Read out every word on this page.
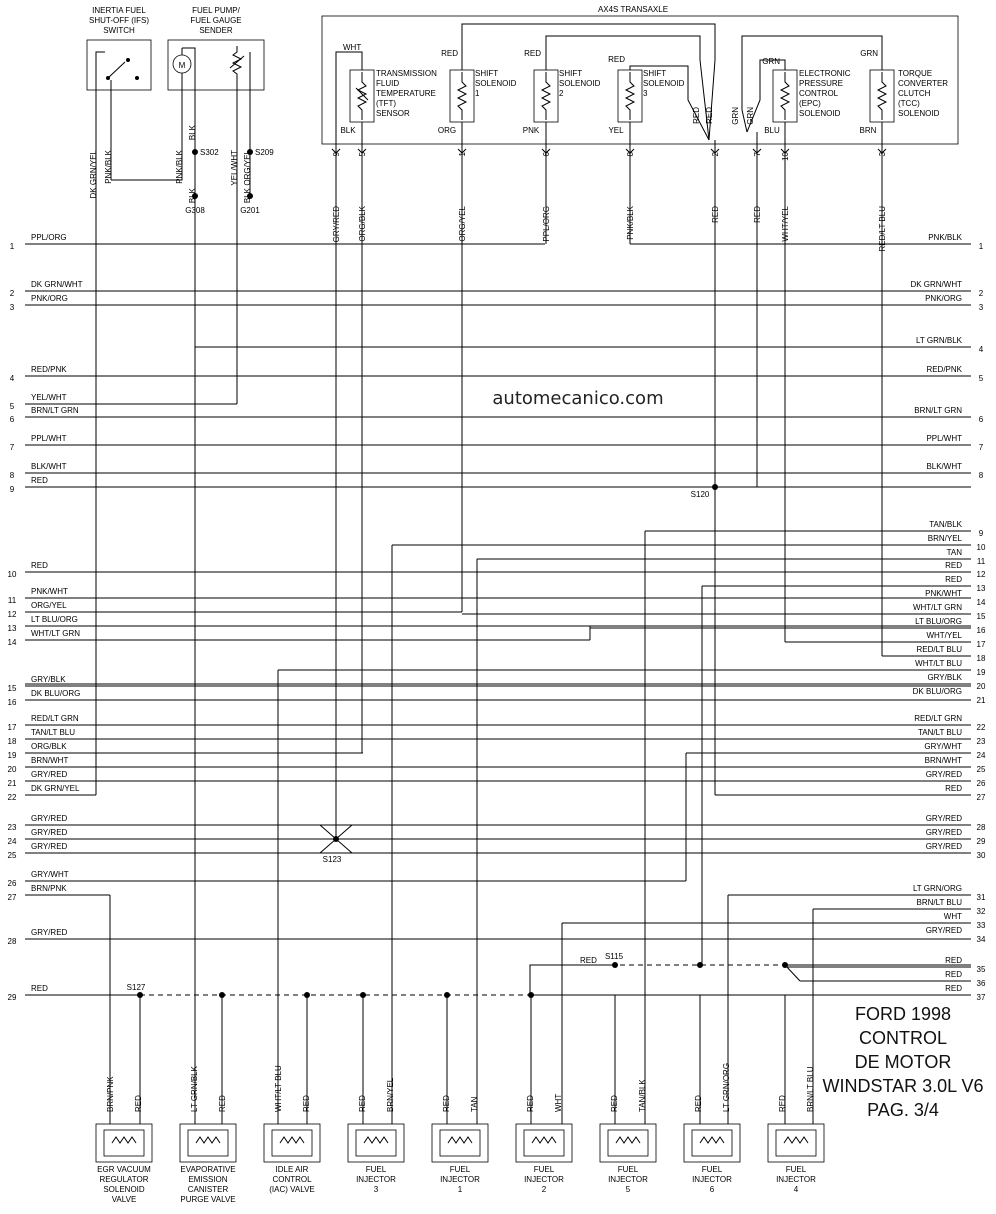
1
PPL/ORG
2
DK GRN/WHT
3
PNK/ORG
4
RED/PNK
5
YEL/WHT
6
BRN/LT GRN
7
PPL/WHT
8
BLK/WHT
9
RED
10
RED
11
PNK/WHT
12
ORG/YEL
13
LT BLU/ORG
14
WHT/LT GRN
15
GRY/BLK
16
DK BLU/ORG
17
RED/LT GRN
18
TAN/LT BLU
19
ORG/BLK
20
BRN/WHT
21
GRY/RED
22
DK GRN/YEL
23
GRY/RED
24
GRY/RED
25
GRY/RED
26
GRY/WHT
27
BRN/PNK
28
GRY/RED
29
RED
1
PNK/BLK
2
DK GRN/WHT
3
PNK/ORG
4
LT GRN/BLK
5
RED/PNK
6
BRN/LT GRN
7
PPL/WHT
8
BLK/WHT
9
TAN/BLK
10
BRN/YEL
11
TAN
12
RED
13
RED
14
PNK/WHT
15
WHT/LT GRN
16
LT BLU/ORG
17
WHT/YEL
18
RED/LT BLU
19
WHT/LT BLU
20
GRY/BLK
21
DK BLU/ORG
22
RED/LT GRN
23
TAN/LT BLU
24
GRY/WHT
25
BRN/WHT
26
GRY/RED
27
RED
28
GRY/RED
29
GRY/RED
30
GRY/RED
31
LT GRN/ORG
32
BRN/LT BLU
33
WHT
34
GRY/RED
35
RED
36
RED
37
RED
M
9
GRY/RED
5
ORG/BLK
1
ORG/YEL
6
PPL/ORG
8
PNK/BLK
2
RED
7
RED
10
WHT/YEL
3
RED/LT BLU
BRN/PNK RED
EGR VACUUM
REGULATOR
SOLENOID
VALVE
LT GRN/BLK RED
EVAPORATIVE
EMISSION
CANISTER
PURGE VALVE
WHT/LT BLU RED
IDLE AIR
CONTROL
(IAC) VALVE
RED BRN/YEL
FUEL
INJECTOR
3
RED TAN
FUEL
INJECTOR
1
RED WHT
FUEL
INJECTOR
2
RED TAN/BLK
FUEL
INJECTOR
5
RED LT GRN/ORG
FUEL
INJECTOR
6
RED BRN/LT BLU
FUEL
INJECTOR
4
INERTIA FUEL
SHUT-OFF (IFS)
SWITCH
FUEL PUMP/
FUEL GAUGE
SENDER
TRANSMISSION
FLUID
TEMPERATURE
(TFT)
SENSOR
SHIFT
SOLENOID
1
SHIFT
SOLENOID
2
SHIFT
SOLENOID
3
ELECTRONIC
PRESSURE
CONTROL
(EPC)
SOLENOID
TORQUE
CONVERTER
CLUTCH
(TCC)
SOLENOID
AX4S TRANSAXLE
DK GRN/YEL PNK/BLK	PNK/BLK
BLK
YEL/WHT ORG/YEL
BLK	BLK
G308	G201
S302	S209
WHT
RED	RED
RED
RED RED GRN GRN
GRN
GRN
BLK	ORG	PNK	YEL	BLU	BRN
S120
S123
S115
S127
RED
automecanico.com
FORD 1998
CONTROL
DE MOTOR
WINDSTAR 3.0L V6
PAG. 3/4
